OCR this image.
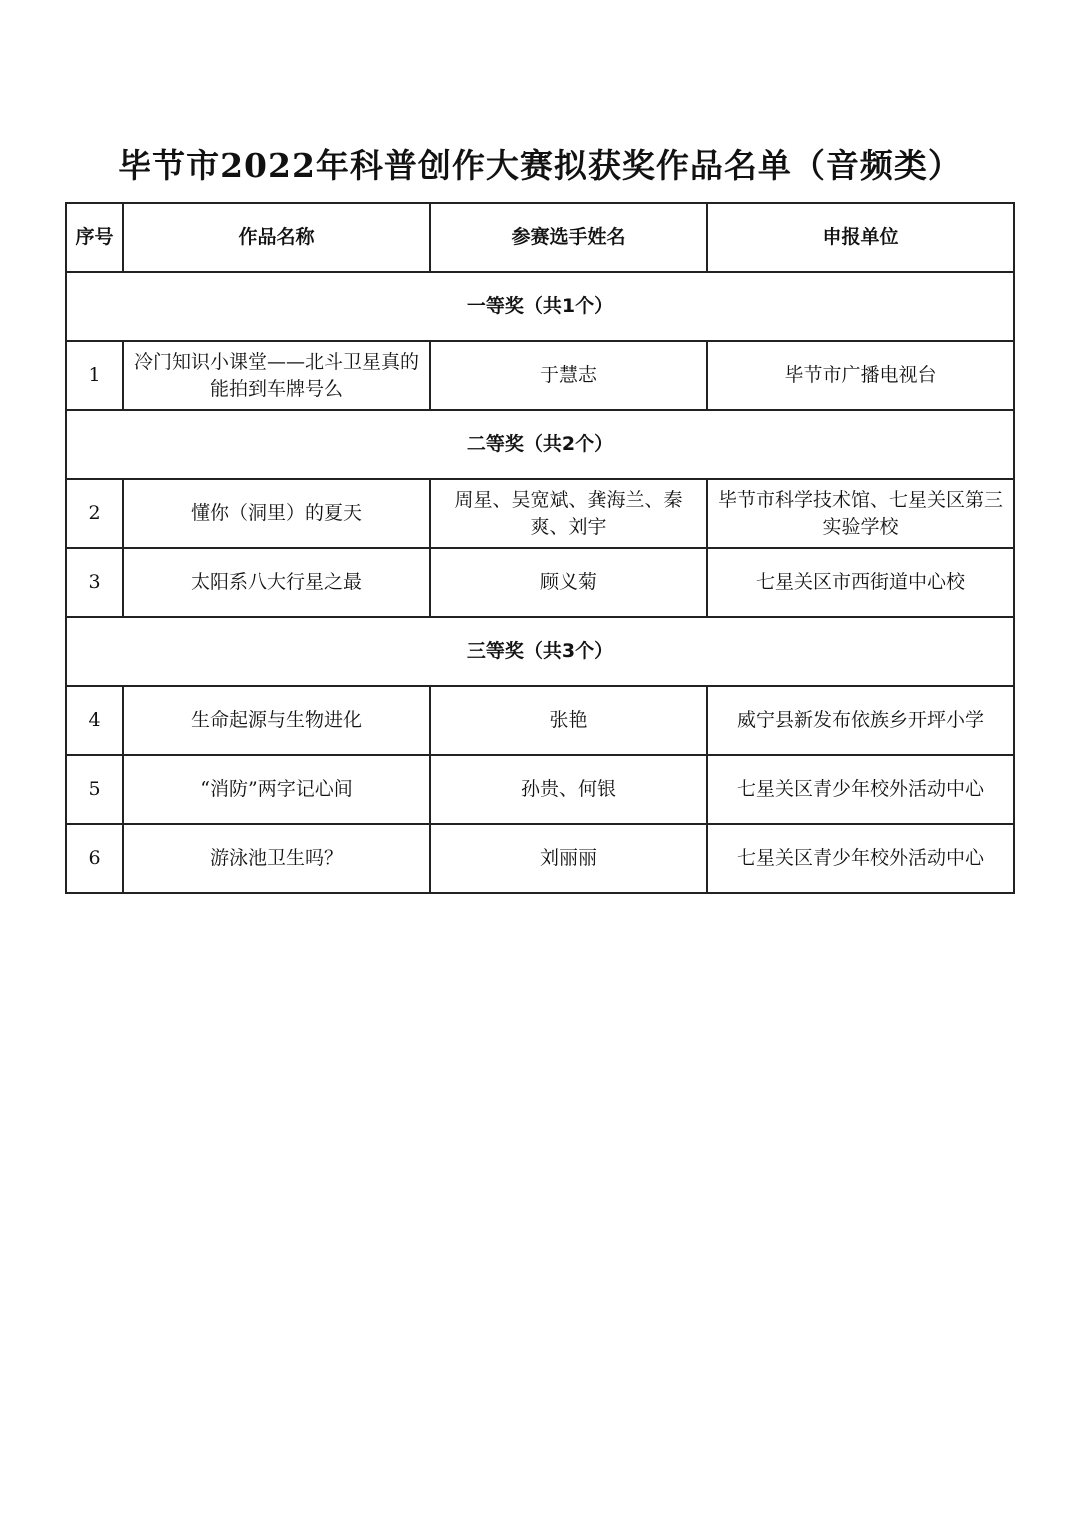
毕节市2022年科普创作大赛拟获奖作品名单（音频类）
序号	作品名称	参赛选手姓名	申报单位
一等奖（共1个）			
1	冷门知识小课堂——北斗卫星真的能拍到车牌号么	于慧志	毕节市广播电视台
二等奖（共2个）			
2	懂你（洞里）的夏天	周星、吴宽斌、龚海兰、秦爽、刘宇	毕节市科学技术馆、七星关区第三实验学校
3	太阳系八大行星之最	顾义菊	七星关区市西街道中心校
三等奖（共3个）			
4	生命起源与生物进化	张艳	威宁县新发布依族乡开坪小学
5	“消防”两字记心间	孙贵、何银	七星关区青少年校外活动中心
6	游泳池卫生吗？	刘丽丽	七星关区青少年校外活动中心
